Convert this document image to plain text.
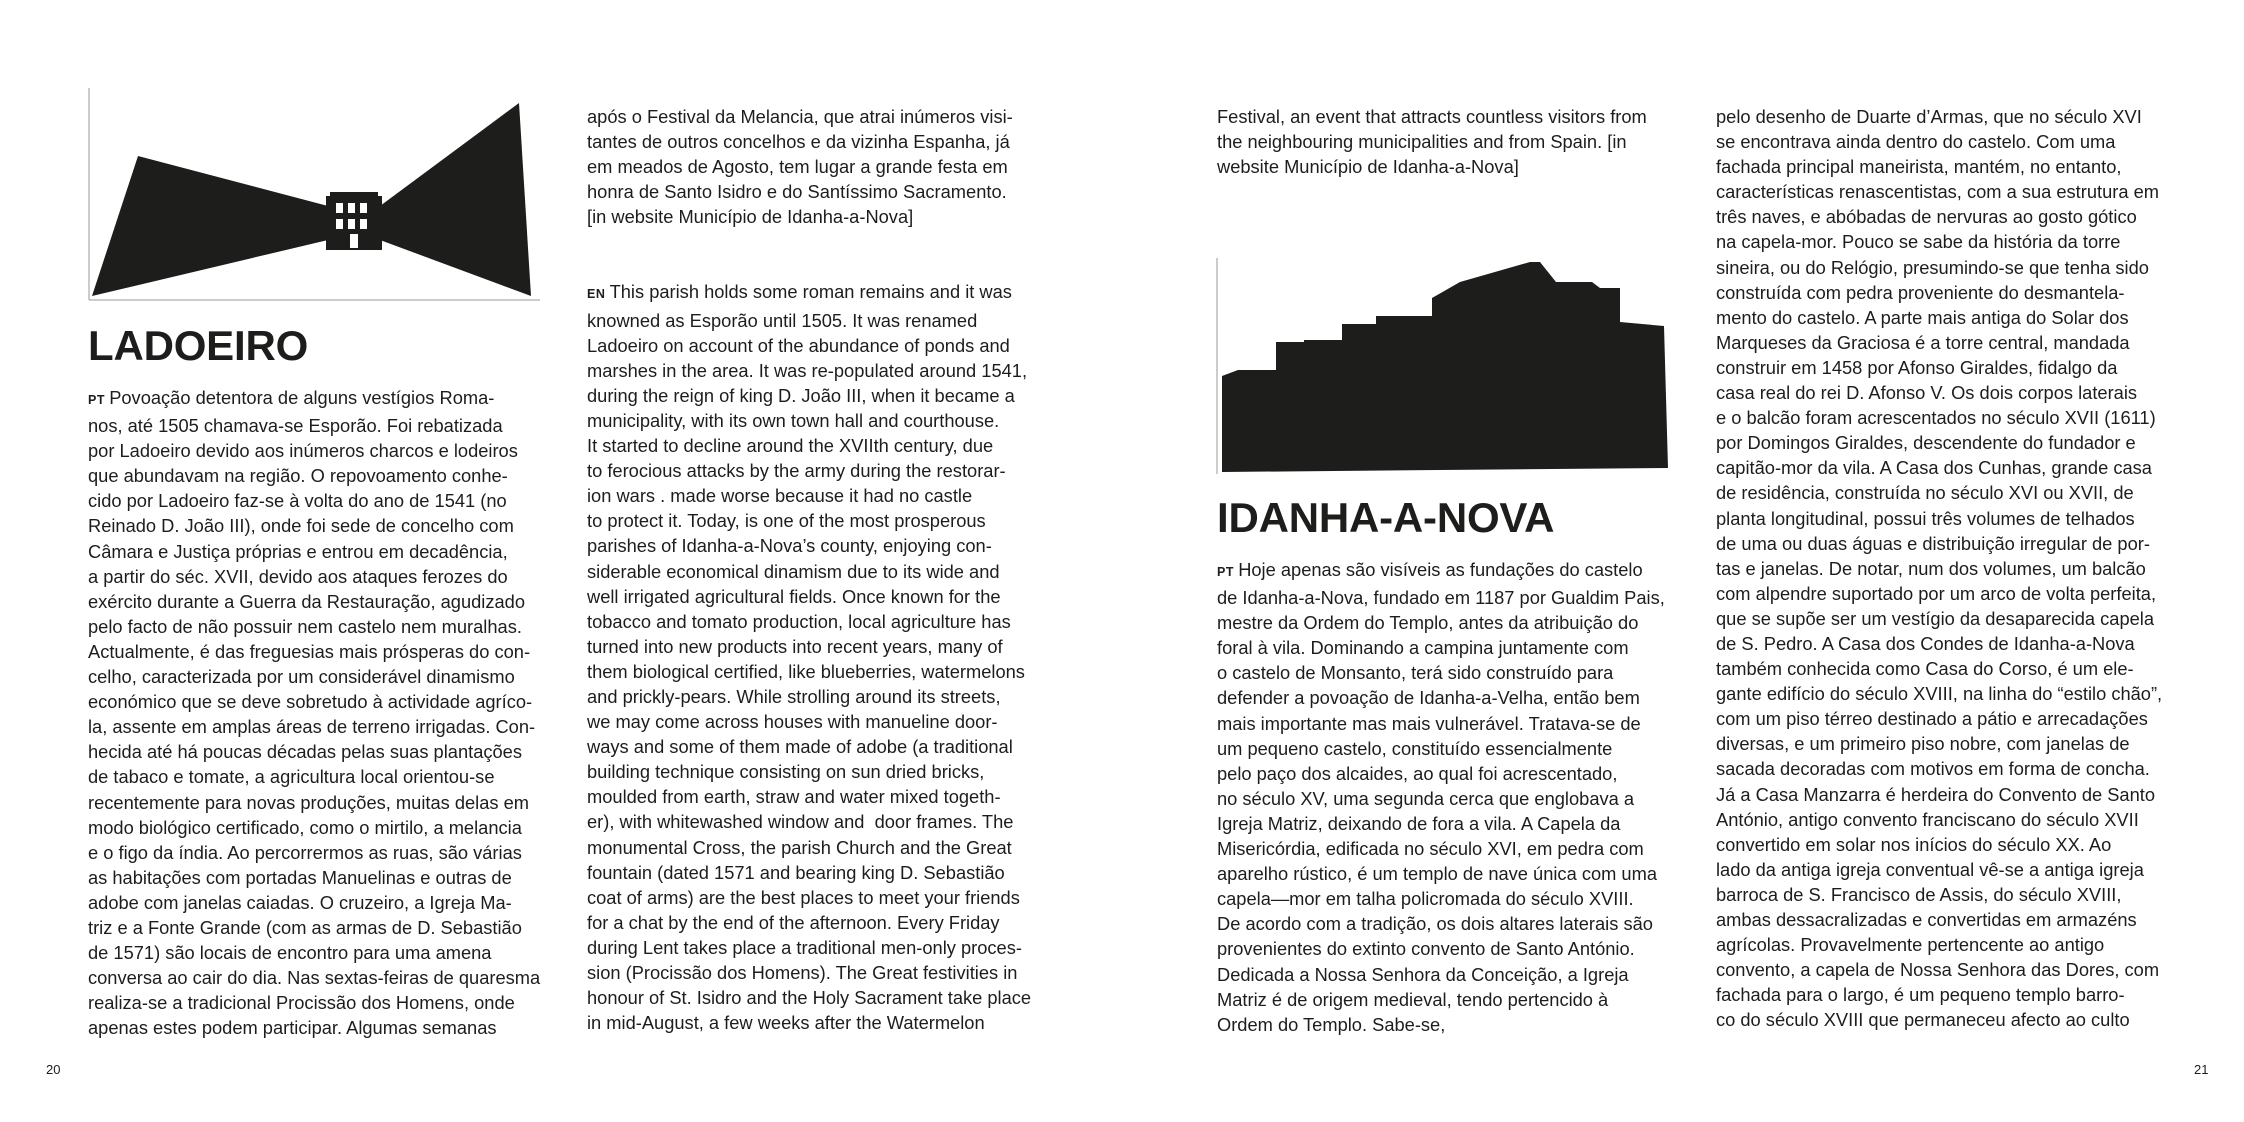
LADOEIRO
PT Povoação detentora de alguns vestígios Roma-
nos, até 1505 chamava-se Esporão. Foi rebatizada
por Ladoeiro devido aos inúmeros charcos e lodeiros
que abundavam na região. O repovoamento conhe-
cido por Ladoeiro faz-se à volta do ano de 1541 (no
Reinado D. João III), onde foi sede de concelho com
Câmara e Justiça próprias e entrou em decadência,
a partir do séc. XVII, devido aos ataques ferozes do
exército durante a Guerra da Restauração, agudizado
pelo facto de não possuir nem castelo nem muralhas.
Actualmente, é das freguesias mais prósperas do con-
celho, caracterizada por um considerável dinamismo
económico que se deve sobretudo à actividade agríco-
la, assente em amplas áreas de terreno irrigadas. Con-
hecida até há poucas décadas pelas suas plantações
de tabaco e tomate, a agricultura local orientou-se
recentemente para novas produções, muitas delas em
modo biológico certificado, como o mirtilo, a melancia
e o figo da índia. Ao percorrermos as ruas, são várias
as habitações com portadas Manuelinas e outras de
adobe com janelas caiadas. O cruzeiro, a Igreja Ma-
triz e a Fonte Grande (com as armas de D. Sebastião
de 1571) são locais de encontro para uma amena
conversa ao cair do dia. Nas sextas-feiras de quaresma
realiza-se a tradicional Procissão dos Homens, onde
apenas estes podem participar. Algumas semanas
após o Festival da Melancia, que atrai inúmeros visi-
tantes de outros concelhos e da vizinha Espanha, já
em meados de Agosto, tem lugar a grande festa em
honra de Santo Isidro e do Santíssimo Sacramento.
[in website Município de Idanha-a-Nova]
EN This parish holds some roman remains and it was
knowned as Esporão until 1505. It was renamed
Ladoeiro on account of the abundance of ponds and
marshes in the area. It was re-populated around 1541,
during the reign of king D. João III, when it became a
municipality, with its own town hall and courthouse.
It started to decline around the XVIIth century, due
to ferocious attacks by the army during the restorar-
ion wars . made worse because it had no castle
to protect it. Today, is one of the most prosperous
parishes of Idanha-a-Nova’s county, enjoying con-
siderable economical dinamism due to its wide and
well irrigated agricultural fields. Once known for the
tobacco and tomato production, local agriculture has
turned into new products into recent years, many of
them biological certified, like blueberries, watermelons
and prickly-pears. While strolling around its streets,
we may come across houses with manueline door-
ways and some of them made of adobe (a traditional
building technique consisting on sun dried bricks,
moulded from earth, straw and water mixed togeth-
er), with whitewashed window and  door frames. The
monumental Cross, the parish Church and the Great
fountain (dated 1571 and bearing king D. Sebastião
coat of arms) are the best places to meet your friends
for a chat by the end of the afternoon. Every Friday
during Lent takes place a traditional men-only proces-
sion (Procissão dos Homens). The Great festivities in
honour of St. Isidro and the Holy Sacrament take place
in mid-August, a few weeks after the Watermelon
Festival, an event that attracts countless visitors from
the neighbouring municipalities and from Spain. [in
website Município de Idanha-a-Nova]
IDANHA-A-NOVA
PT Hoje apenas são visíveis as fundações do castelo
de Idanha-a-Nova, fundado em 1187 por Gualdim Pais,
mestre da Ordem do Templo, antes da atribuição do
foral à vila. Dominando a campina juntamente com
o castelo de Monsanto, terá sido construído para
defender a povoação de Idanha-a-Velha, então bem
mais importante mas mais vulnerável. Tratava-se de
um pequeno castelo, constituído essencialmente
pelo paço dos alcaides, ao qual foi acrescentado,
no século XV, uma segunda cerca que englobava a
Igreja Matriz, deixando de fora a vila. A Capela da
Misericórdia, edificada no século XVI, em pedra com
aparelho rústico, é um templo de nave única com uma
capela—mor em talha policromada do século XVIII.
De acordo com a tradição, os dois altares laterais são
provenientes do extinto convento de Santo António.
Dedicada a Nossa Senhora da Conceição, a Igreja
Matriz é de origem medieval, tendo pertencido à
Ordem do Templo. Sabe-se,
pelo desenho de Duarte d’Armas, que no século XVI
se encontrava ainda dentro do castelo. Com uma
fachada principal maneirista, mantém, no entanto,
características renascentistas, com a sua estrutura em
três naves, e abóbadas de nervuras ao gosto gótico
na capela-mor. Pouco se sabe da história da torre
sineira, ou do Relógio, presumindo-se que tenha sido
construída com pedra proveniente do desmantela-
mento do castelo. A parte mais antiga do Solar dos
Marqueses da Graciosa é a torre central, mandada
construir em 1458 por Afonso Giraldes, fidalgo da
casa real do rei D. Afonso V. Os dois corpos laterais
e o balcão foram acrescentados no século XVII (1611)
por Domingos Giraldes, descendente do fundador e
capitão-mor da vila. A Casa dos Cunhas, grande casa
de residência, construída no século XVI ou XVII, de
planta longitudinal, possui três volumes de telhados
de uma ou duas águas e distribuição irregular de por-
tas e janelas. De notar, num dos volumes, um balcão
com alpendre suportado por um arco de volta perfeita,
que se supõe ser um vestígio da desaparecida capela
de S. Pedro. A Casa dos Condes de Idanha-a-Nova
também conhecida como Casa do Corso, é um ele-
gante edifício do século XVIII, na linha do “estilo chão”,
com um piso térreo destinado a pátio e arrecadações
diversas, e um primeiro piso nobre, com janelas de
sacada decoradas com motivos em forma de concha.
Já a Casa Manzarra é herdeira do Convento de Santo
António, antigo convento franciscano do século XVII
convertido em solar nos inícios do século XX. Ao
lado da antiga igreja conventual vê-se a antiga igreja
barroca de S. Francisco de Assis, do século XVIII,
ambas dessacralizadas e convertidas em armazéns
agrícolas. Provavelmente pertencente ao antigo
convento, a capela de Nossa Senhora das Dores, com
fachada para o largo, é um pequeno templo barro-
co do século XVIII que permaneceu afecto ao culto
20	21
